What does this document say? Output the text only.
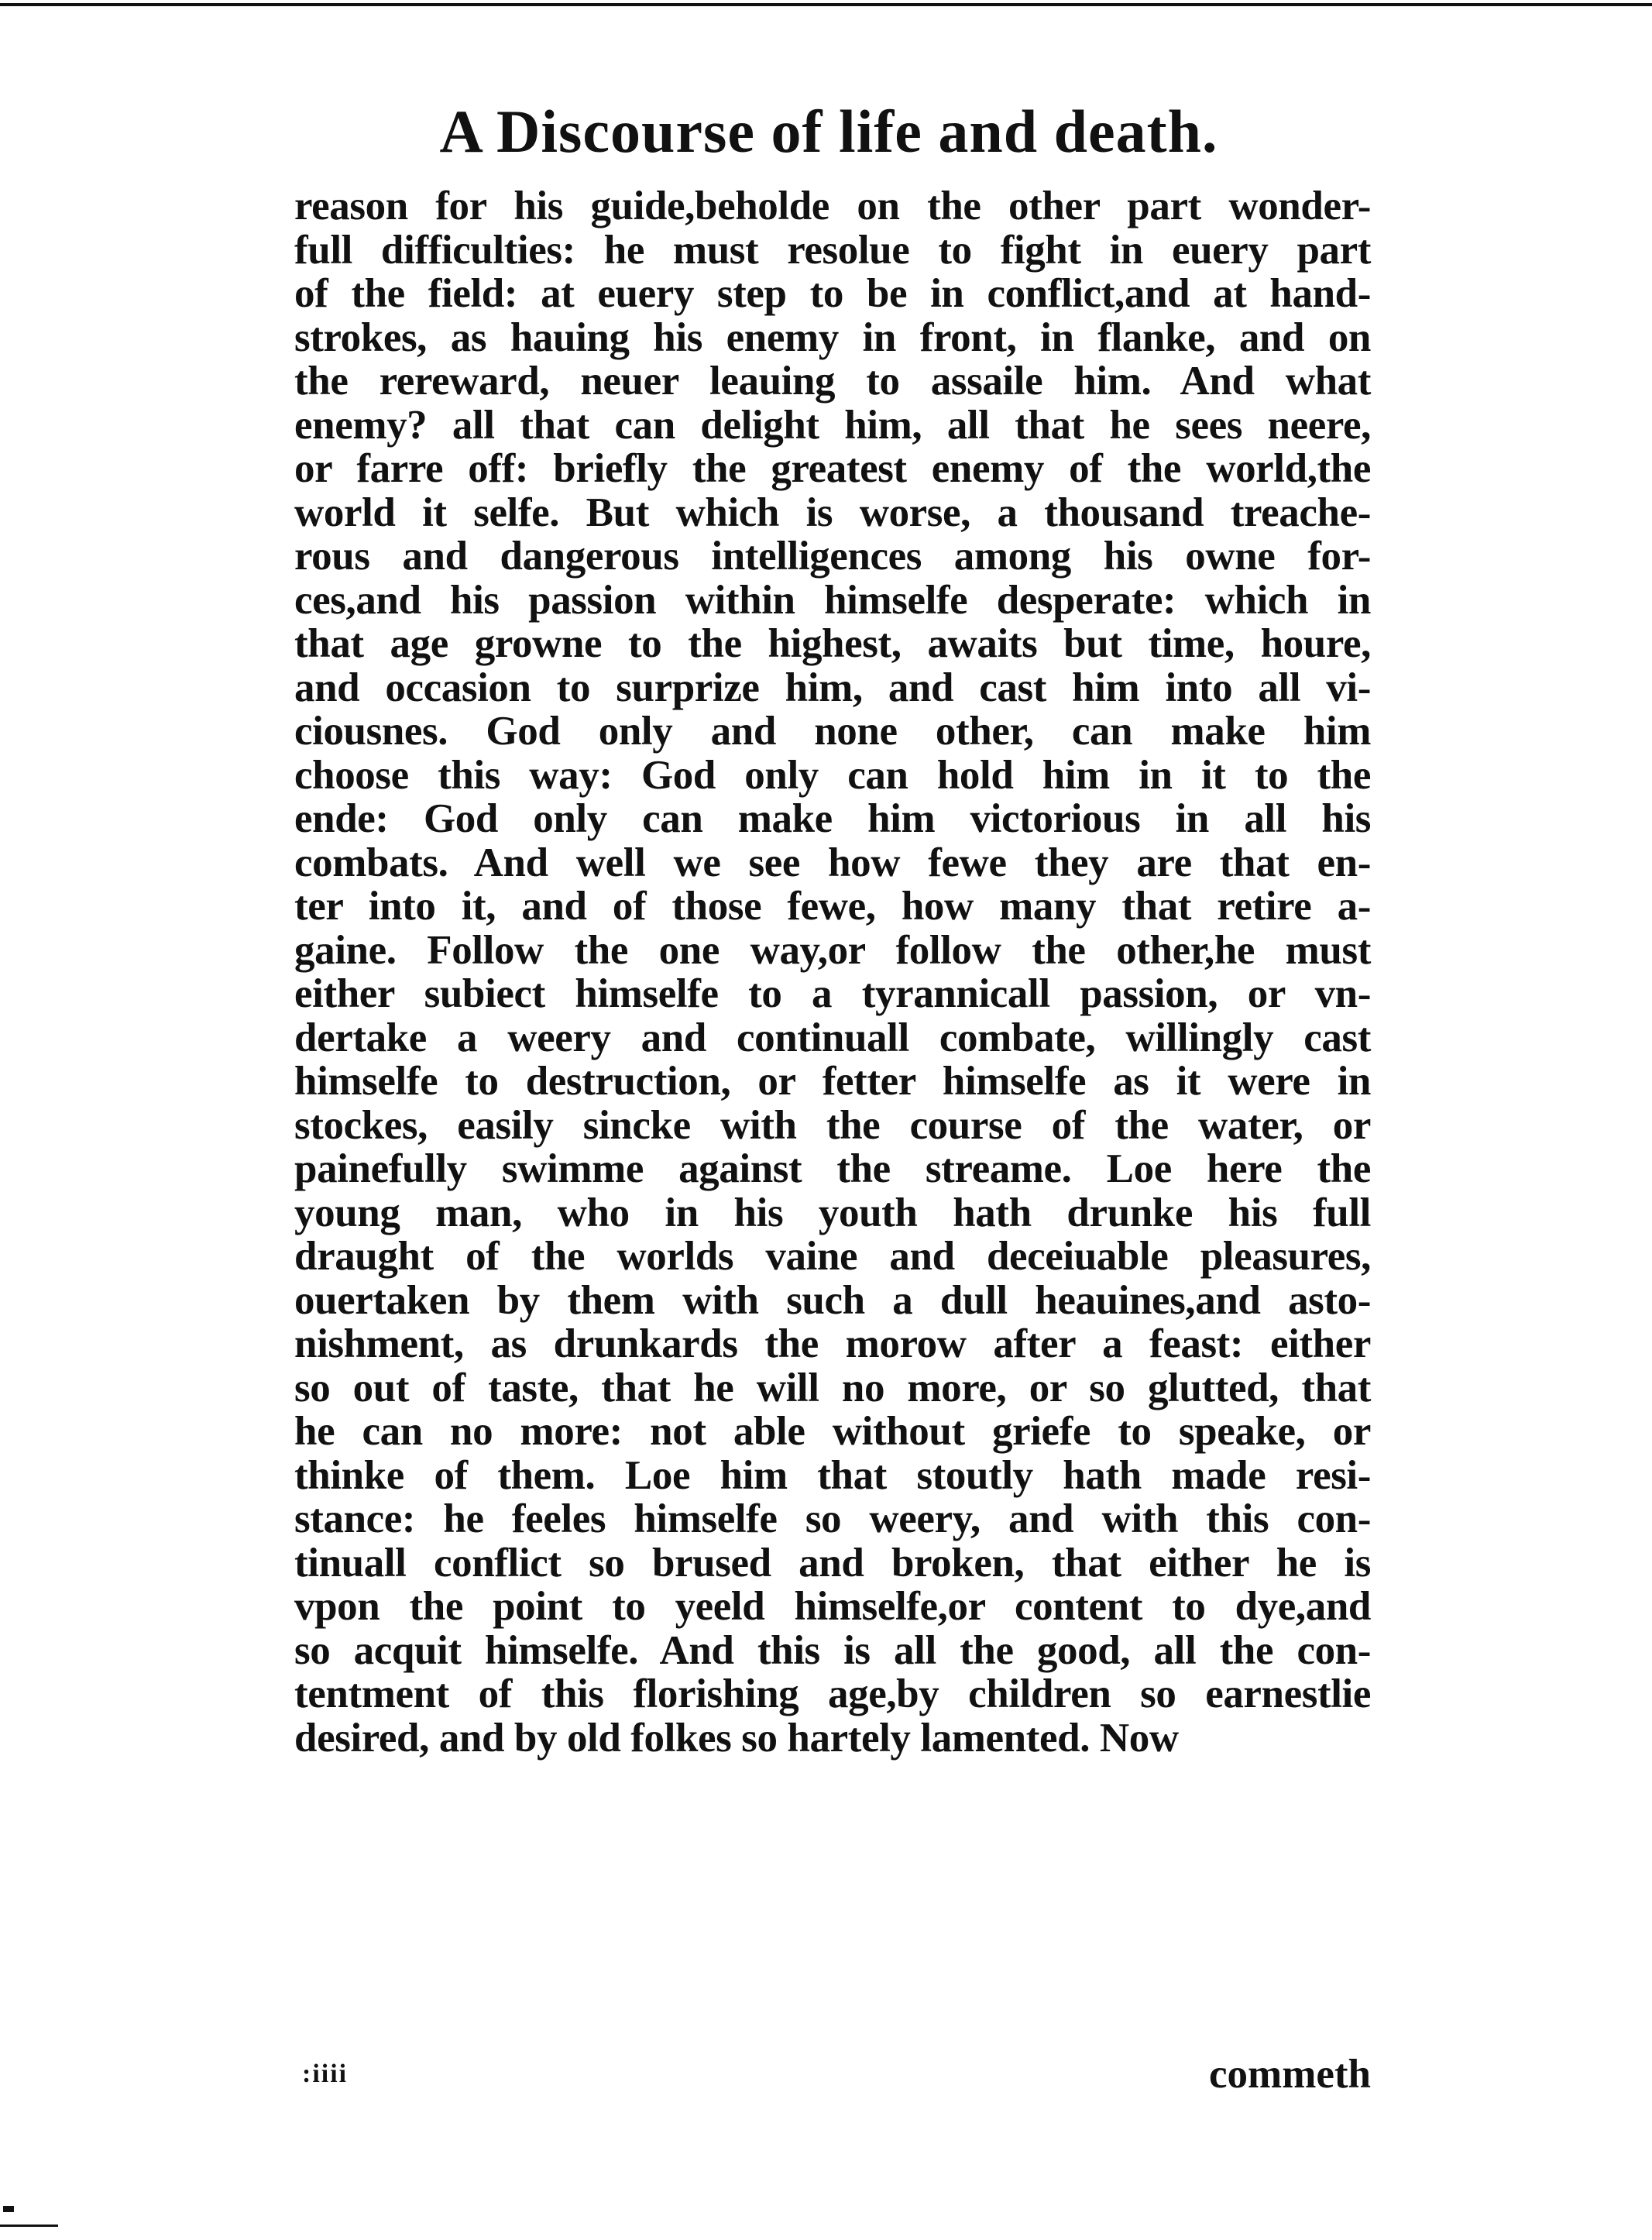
A Discourse of life and death.
reason for his guide,beholde on the other part wonder-
full difficulties: he must resolue to fight in euery part
of the field: at euery step to be in conflict,and at hand-
strokes, as hauing his enemy in front, in flanke, and on
the rereward, neuer leauing to assaile him. And what
enemy? all that can delight him, all that he sees neere,
or farre off: briefly the greatest enemy of the world,the
world it selfe. But which is worse, a thousand treache-
rous and dangerous intelligences among his owne for-
ces,and his passion within himselfe desperate: which in
that age growne to the highest, awaits but time, houre,
and occasion to surprize him, and cast him into all vi-
ciousnes. God only and none other, can make him
choose this way: God only can hold him in it to the
ende: God only can make him victorious in all his
combats. And well we see how fewe they are that en-
ter into it, and of those fewe, how many that retire a-
gaine. Follow the one way,or follow the other,he must
either subiect himselfe to a tyrannicall passion, or vn-
dertake a weery and continuall combate, willingly cast
himselfe to destruction, or fetter himselfe as it were in
stockes, easily sincke with the course of the water, or
painefully swimme against the streame. Loe here the
young man, who in his youth hath drunke his full
draught of the worlds vaine and deceiuable pleasures,
ouertaken by them with such a dull heauines,and asto-
nishment, as drunkards the morow after a feast: either
so out of taste, that he will no more, or so glutted, that
he can no more: not able without griefe to speake, or
thinke of them. Loe him that stoutly hath made resi-
stance: he feeles himselfe so weery, and with this con-
tinuall conflict so brused and broken, that either he is
vpon the point to yeeld himselfe,or content to dye,and
so acquit himselfe. And this is all the good, all the con-
tentment of this florishing age,by children so earnestlie
desired, and by old folkes so hartely lamented. Now
:iiii	commeth
